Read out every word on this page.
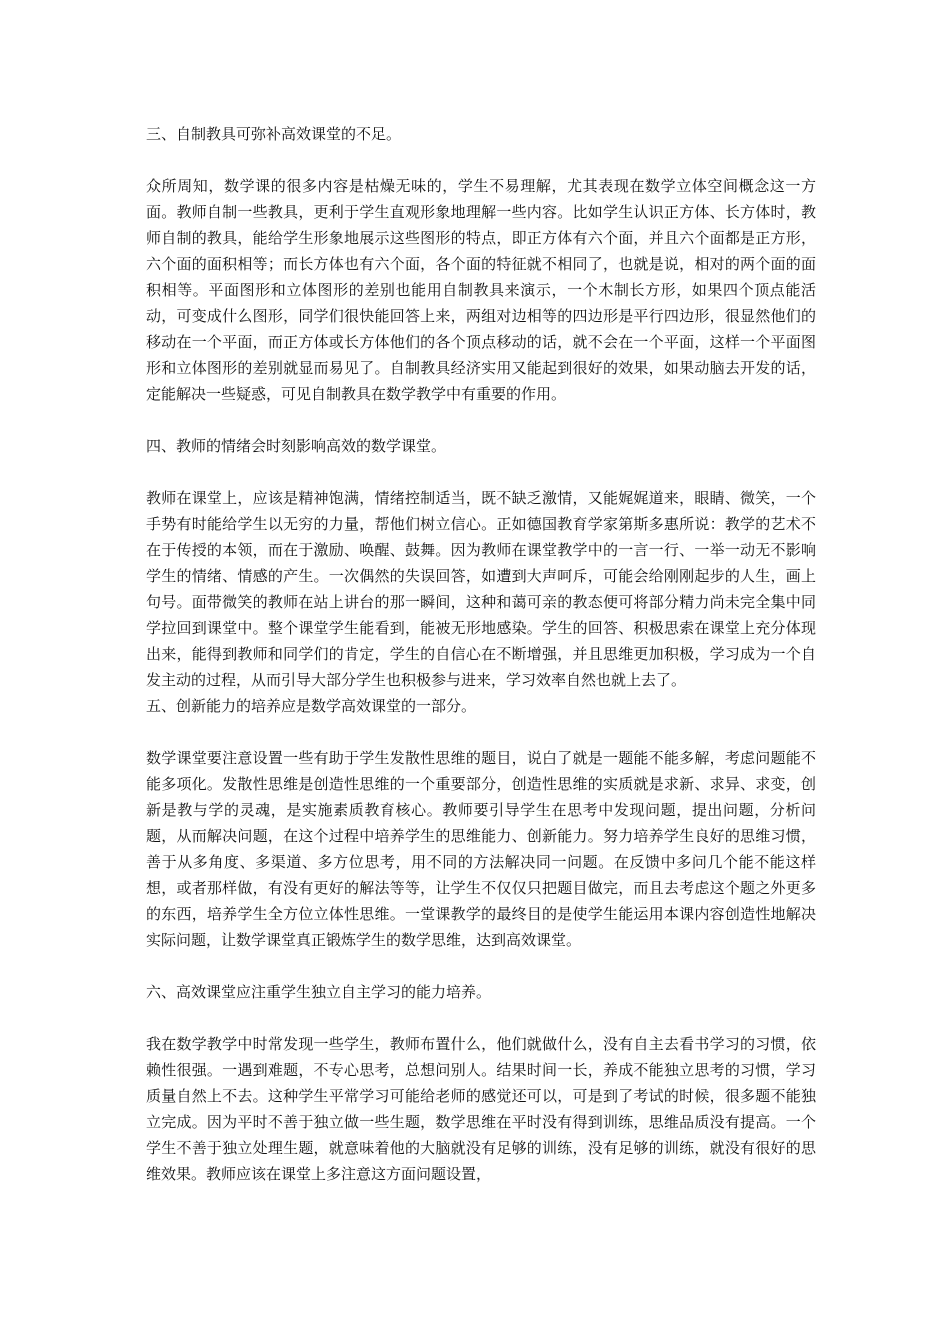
三、自制教具可弥补高效课堂的不足。

众所周知，数学课的很多内容是枯燥无味的，学生不易理解，尤其表现在数学立体空间概念这一方面。教师自制一些教具，更利于学生直观形象地理解一些内容。比如学生认识正方体、长方体时，教师自制的教具，能给学生形象地展示这些图形的特点，即正方体有六个面，并且六个面都是正方形，六个面的面积相等；而长方体也有六个面，各个面的特征就不相同了，也就是说，相对的两个面的面积相等。平面图形和立体图形的差别也能用自制教具来演示，一个木制长方形，如果四个顶点能活动，可变成什么图形，同学们很快能回答上来，两组对边相等的四边形是平行四边形，很显然他们的移动在一个平面，而正方体或长方体他们的各个顶点移动的话，就不会在一个平面，这样一个平面图形和立体图形的差别就显而易见了。自制教具经济实用又能起到很好的效果，如果动脑去开发的话，定能解决一些疑惑，可见自制教具在数学教学中有重要的作用。

四、教师的情绪会时刻影响高效的数学课堂。

教师在课堂上，应该是精神饱满，情绪控制适当，既不缺乏激情，又能娓娓道来，眼睛、微笑，一个手势有时能给学生以无穷的力量，帮他们树立信心。正如德国教育学家第斯多惠所说：教学的艺术不在于传授的本领，而在于激励、唤醒、鼓舞。因为教师在课堂教学中的一言一行、一举一动无不影响学生的情绪、情感的产生。一次偶然的失误回答，如遭到大声呵斥，可能会给刚刚起步的人生，画上句号。面带微笑的教师在站上讲台的那一瞬间，这种和蔼可亲的教态便可将部分精力尚未完全集中同学拉回到课堂中。整个课堂学生能看到，能被无形地感染。学生的回答、积极思索在课堂上充分体现出来，能得到教师和同学们的肯定，学生的自信心在不断增强，并且思维更加积极，学习成为一个自发主动的过程，从而引导大部分学生也积极参与进来，学习效率自然也就上去了。

五、创新能力的培养应是数学高效课堂的一部分。

数学课堂要注意设置一些有助于学生发散性思维的题目，说白了就是一题能不能多解，考虑问题能不能多项化。发散性思维是创造性思维的一个重要部分，创造性思维的实质就是求新、求异、求变，创新是教与学的灵魂，是实施素质教育核心。教师要引导学生在思考中发现问题，提出问题，分析问题，从而解决问题，在这个过程中培养学生的思维能力、创新能力。努力培养学生良好的思维习惯，善于从多角度、多渠道、多方位思考，用不同的方法解决同一问题。在反馈中多问几个能不能这样想，或者那样做，有没有更好的解法等等，让学生不仅仅只把题目做完，而且去考虑这个题之外更多的东西，培养学生全方位立体性思维。一堂课教学的最终目的是使学生能运用本课内容创造性地解决实际问题，让数学课堂真正锻炼学生的数学思维，达到高效课堂。

六、高效课堂应注重学生独立自主学习的能力培养。

我在数学教学中时常发现一些学生，教师布置什么，他们就做什么，没有自主去看书学习的习惯，依赖性很强。一遇到难题，不专心思考，总想问别人。结果时间一长，养成不能独立思考的习惯，学习质量自然上不去。这种学生平常学习可能给老师的感觉还可以，可是到了考试的时候，很多题不能独立完成。因为平时不善于独立做一些生题，数学思维在平时没有得到训练，思维品质没有提高。一个学生不善于独立处理生题，就意味着他的大脑就没有足够的训练，没有足够的训练，就没有很好的思维效果。教师应该在课堂上多注意这方面问题设置，
